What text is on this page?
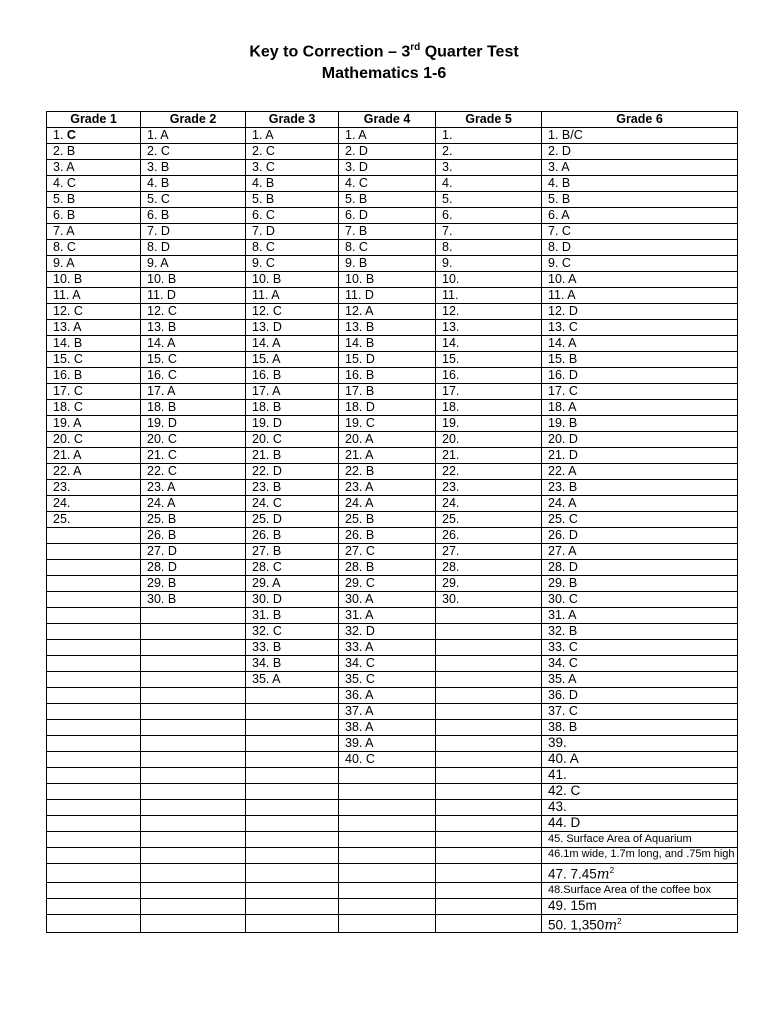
Key to Correction – 3rd Quarter Test
Mathematics 1-6
Grade 1	Grade 2	Grade 3	Grade 4	Grade 5	Grade 6
1. C	1. A	1. A	1. A	1.	1. B/C
2. B	2. C	2. C	2. D	2.	2. D
3. A	3. B	3. C	3. D	3.	3. A
4. C	4. B	4. B	4. C	4.	4. B
5. B	5. C	5. B	5. B	5.	5. B
6. B	6. B	6. C	6. D	6.	6. A
7. A	7. D	7. D	7. B	7.	7. C
8. C	8. D	8. C	8. C	8.	8. D
9. A	9. A	9. C	9. B	9.	9. C
10. B	10. B	10. B	10. B	10.	10. A
11. A	11. D	11. A	11. D	11.	11. A
12. C	12. C	12. C	12. A	12.	12. D
13. A	13. B	13. D	13. B	13.	13. C
14. B	14. A	14. A	14. B	14.	14. A
15. C	15. C	15. A	15. D	15.	15. B
16. B	16. C	16. B	16. B	16.	16. D
17. C	17. A	17. A	17. B	17.	17. C
18. C	18. B	18. B	18. D	18.	18. A
19. A	19. D	19. D	19. C	19.	19. B
20. C	20. C	20. C	20. A	20.	20. D
21. A	21. C	21. B	21. A	21.	21. D
22. A	22. C	22. D	22. B	22.	22. A
23.	23. A	23. B	23. A	23.	23. B
24.	24. A	24. C	24. A	24.	24. A
25.	25. B	25. D	25. B	25.	25. C
	26. B	26. B	26. B	26.	26. D
	27. D	27. B	27. C	27.	27. A
	28. D	28. C	28. B	28.	28. D
	29. B	29. A	29. C	29.	29. B
	30. B	30. D	30. A	30.	30. C
		31. B	31. A		31. A
		32. C	32. D		32. B
		33. B	33. A		33. C
		34. B	34. C		34. C
		35. A	35. C		35. A
			36. A		36. D
			37. A		37. C
			38. A		38. B
			39. A		39.
			40. C		40. A
					41.
					42. C
					43.
					44. D
					45. Surface Area of Aquarium
					46.1m wide, 1.7m long, and .75m high
					47. $7.45m^2$
					48.Surface Area of the coffee box
					49. 15m
					50. $1,350m^2$
